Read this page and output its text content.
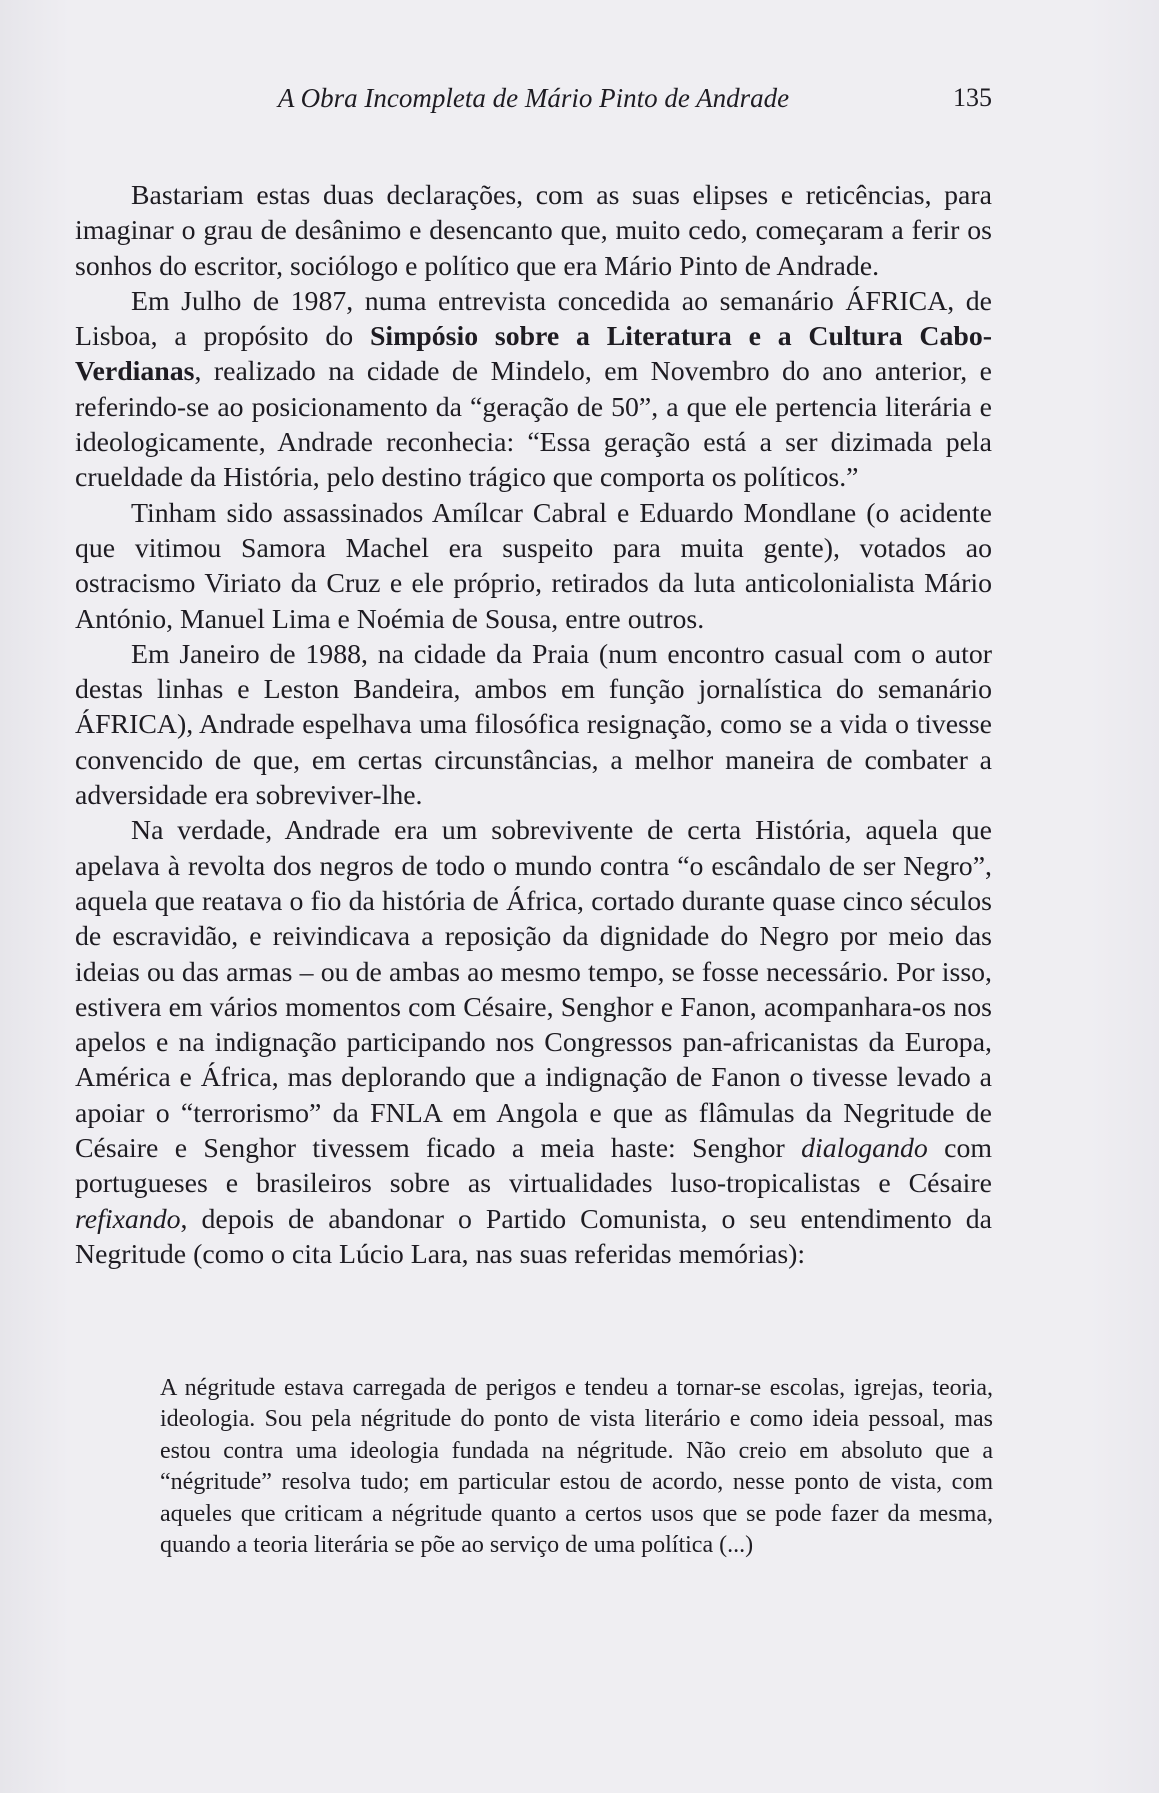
A Obra Incompleta de Mário Pinto de Andrade	135

Bastariam estas duas declarações, com as suas elipses e reticências, para imaginar o grau de desânimo e desencanto que, muito cedo, começaram a ferir os sonhos do escritor, sociólogo e político que era Mário Pinto de Andrade.

Em Julho de 1987, numa entrevista concedida ao semanário ÁFRICA, de Lisboa, a propósito do Simpósio sobre a Literatura e a Cultura Cabo-Verdianas, realizado na cidade de Mindelo, em Novembro do ano anterior, e referindo-se ao posicionamento da “geração de 50”, a que ele pertencia literária e ideologicamente, Andrade reconhecia: “Essa geração está a ser dizimada pela crueldade da História, pelo destino trágico que comporta os políticos.”

Tinham sido assassinados Amílcar Cabral e Eduardo Mondlane (o acidente que vitimou Samora Machel era suspeito para muita gente), votados ao ostracismo Viriato da Cruz e ele próprio, retirados da luta anticolonialista Mário António, Manuel Lima e Noémia de Sousa, entre outros.

Em Janeiro de 1988, na cidade da Praia (num encontro casual com o autor destas linhas e Leston Bandeira, ambos em função jornalística do semanário ÁFRICA), Andrade espelhava uma filosófica resignação, como se a vida o tivesse convencido de que, em certas circunstâncias, a melhor maneira de combater a adversidade era sobreviver-lhe.

Na verdade, Andrade era um sobrevivente de certa História, aquela que apelava à revolta dos negros de todo o mundo contra “o escândalo de ser Negro”, aquela que reatava o fio da história de África, cortado durante quase cinco séculos de escravidão, e reivindicava a reposição da dignidade do Negro por meio das ideias ou das armas – ou de ambas ao mesmo tempo, se fosse necessário. Por isso, estivera em vários momentos com Césaire, Senghor e Fanon, acompanhara-os nos apelos e na indignação participando nos Congressos pan-africanistas da Europa, América e África, mas deplorando que a indignação de Fanon o tivesse levado a apoiar o “terrorismo” da FNLA em Angola e que as flâmulas da Negritude de Césaire e Senghor tivessem ficado a meia haste: Senghor dialogando com portugueses e brasileiros sobre as virtualidades luso-tropicalistas e Césaire refixando, depois de abandonar o Partido Comunista, o seu entendimento da Negritude (como o cita Lúcio Lara, nas suas referidas memórias):

A négritude estava carregada de perigos e tendeu a tornar-se escolas, igrejas, teoria, ideologia. Sou pela négritude do ponto de vista literário e como ideia pessoal, mas estou contra uma ideologia fundada na négritude. Não creio em absoluto que a “négritude” resolva tudo; em particular estou de acordo, nesse ponto de vista, com aqueles que criticam a négritude quanto a certos usos que se pode fazer da mesma, quando a teoria literária se põe ao serviço de uma política (...)
